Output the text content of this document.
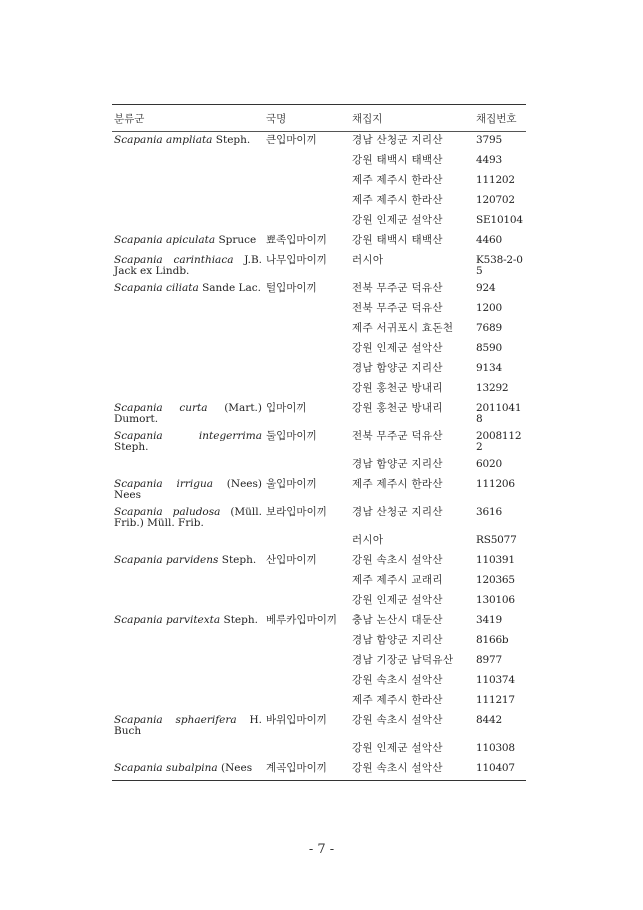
분류군	국명	채집지	채집번호
Scapania ampliata Steph.	큰입마이끼	경남 산청군 지리산	3795
		강원 태백시 태백산	4493
		제주 제주시 한라산	111202
		제주 제주시 한라산	120702
		강원 인제군 설악산	SE10104
Scapania apiculata Spruce	뾰족입마이끼	강원 태백시 태백산	4460
Scapania carinthiaca J.B. Jack ex Lindb.	나무입마이끼	러시아	K538-2-05
Scapania ciliata Sande Lac.	털입마이끼	전북 무주군 덕유산	924
		전북 무주군 덕유산	1200
		제주 서귀포시 효돈천	7689
		강원 인제군 설악산	8590
		경남 함양군 지리산	9134
		강원 홍천군 방내리	13292
Scapania curta (Mart.) Dumort.	입마이끼	강원 홍천군 방내리	20110418
Scapania integerrima Steph.	둘입마이끼	전북 무주군 덕유산	20081122
		경남 함양군 지리산	6020
Scapania irrigua (Nees) Nees	울입마이끼	제주 제주시 한라산	111206
Scapania paludosa (Müll. Frib.) Müll. Frib.	보라입마이끼	경남 산청군 지리산	3616
		러시아	RS5077
Scapania parvidens Steph.	산입마이끼	강원 속초시 설악산	110391
		제주 제주시 교래리	120365
		강원 인제군 설악산	130106
Scapania parvitexta Steph.	베루카입마이끼	충남 논산시 대둔산	3419
		경남 함양군 지리산	8166b
		경남 기장군 남덕유산	8977
		강원 속초시 설악산	110374
		제주 제주시 한라산	111217
Scapania sphaerifera H. Buch	바위입마이끼	강원 속초시 설악산	8442
		강원 인제군 설악산	110308
Scapania subalpina (Nees	계곡입마이끼	강원 속초시 설악산	110407
- 7 -
